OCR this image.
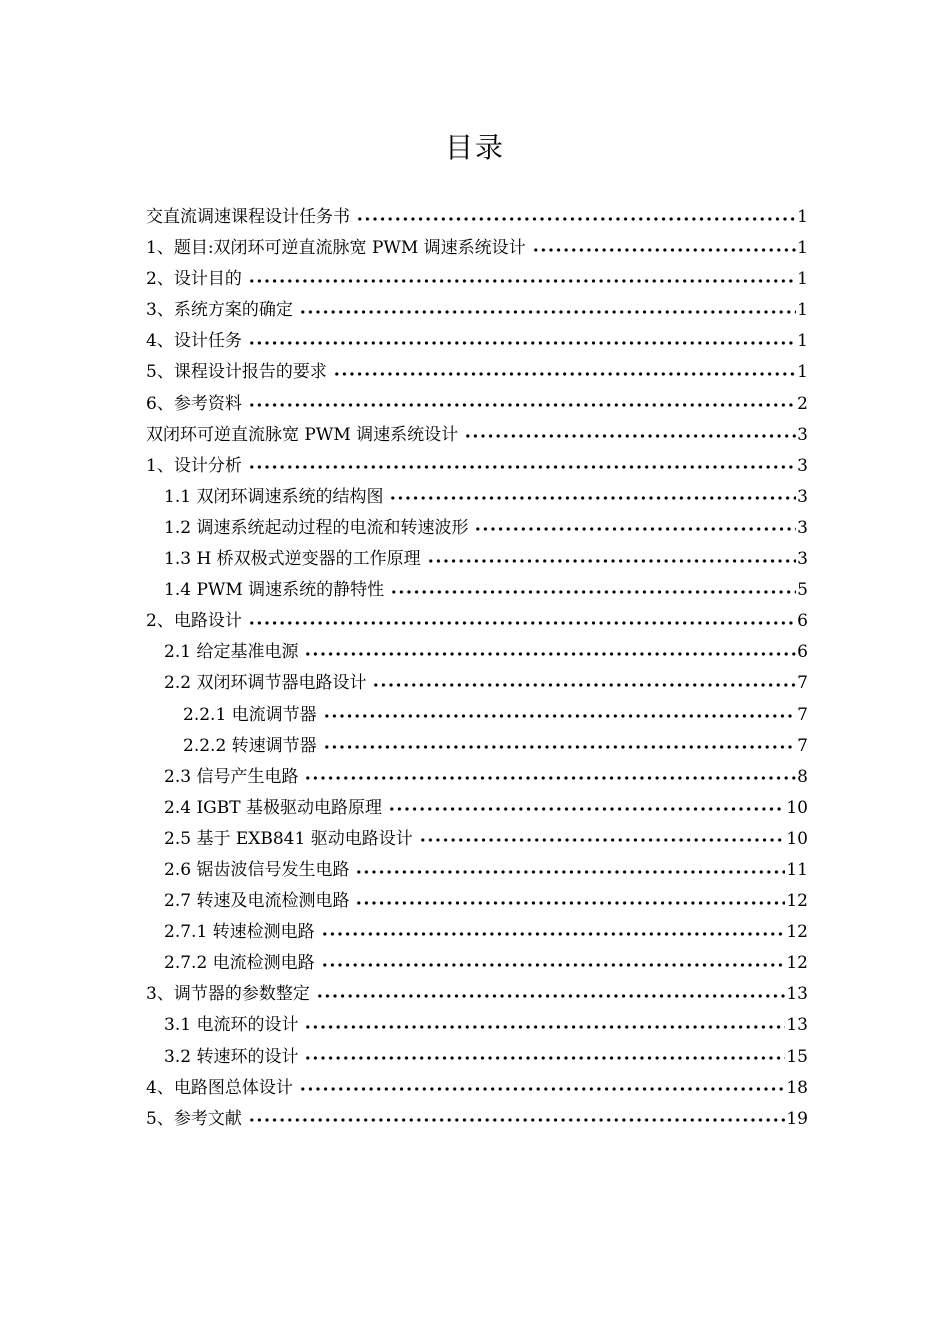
目录
交直流调速课程设计任务书	1
1、题目:双闭环可逆直流脉宽 PWM 调速系统设计	1
2、设计目的	1
3、系统方案的确定	1
4、设计任务	1
5、课程设计报告的要求	1
6、参考资料	2
双闭环可逆直流脉宽 PWM 调速系统设计	3
1、设计分析	3
1.1 双闭环调速系统的结构图	3
1.2 调速系统起动过程的电流和转速波形	3
1.3 H 桥双极式逆变器的工作原理	3
1.4 PWM 调速系统的静特性	5
2、电路设计	6
2.1 给定基准电源	6
2.2 双闭环调节器电路设计	7
2.2.1 电流调节器	7
2.2.2 转速调节器	7
2.3 信号产生电路	8
2.4 IGBT 基极驱动电路原理	10
2.5 基于 EXB841 驱动电路设计	10
2.6 锯齿波信号发生电路	11
2.7 转速及电流检测电路	12
2.7.1 转速检测电路	12
2.7.2 电流检测电路	12
3、调节器的参数整定	13
3.1 电流环的设计	13
3.2 转速环的设计	15
4、电路图总体设计	18
5、参考文献	19
